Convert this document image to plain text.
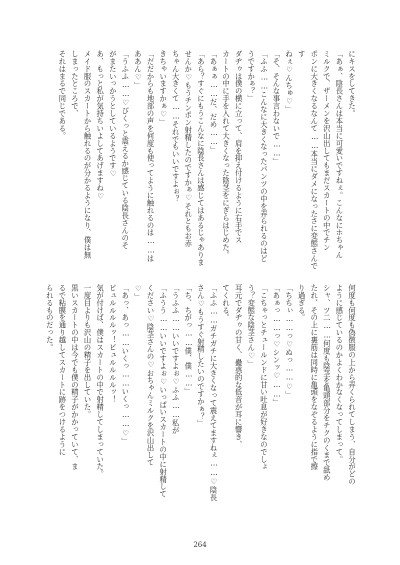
にキスをしてきた。

「あぁ、陰長さんは本当に可愛いですねぇ。こんなにホちゃん

ミルクで、ザーメンを沢山出してもまだスカートの中でチン

ポンに大きくなるなんて……本当にダメになったさに変態さんです

ねぇ♡んちゅ♡」

「そ、そんな事言わないで……」

「ふふ……こんなに大きくなったパンツの中を弄られるのはど

うですかぁ？」

ダヂゥは僕の横に立って、肩を抑え付けるように右手でス

カートの中に手を入れて大きくなった陰茎をにぎらはじめた。

「あぁぁ……だ、だめ……」

「あら？すぐにもうこんなに陰長さんは感じてはあるじゃありま

せんか♡もうチンポン射精したのですかぁ♡それともお赤

ちゃん大きくて……それでもいいですよぉ？

きちゃいますかぁ♡」

「だだからも地部の声を何度も使ってように触れるのは……は

ああん♡」

「うふふ……♡ぴくっと震えるか感じている陰長さんのそ

がまたいっかうとしているようです♡

あ、もっと私が気持ちいよしてあげますね♡

メイド服のスカートから触れるのが分かるようになり、僕は無

しまったところで、

それはまるで同じである。

何度も何度も偽徴服の上から弄くられてしまう、自分がどの

ように感じているのかよくわかなくなってしまって。

シャ、ツ二……何度も陰茎を亀頭部分をチクのくまで舐め

たれ、その上に裏筋は同時に亀頭をなぞるように指で擦

り過ぎる。

「ちちぃ……っ♡ぬっ……♡」

「あぁっ……っ♡シンッ♡……」

「こちゃっとチュールンドに甘い吐息が好きなのでしょ

う？変態な陰茎さん♡」

耳元でダヂゥの甘く、蠱惑的な低音が耳に響き、

てくれる。

「ふふ……ガチガチに大きくなって震えてますねぇ……♡陰長

さん♡もうすぐ射精したいのですかぁ？」

「ち、ちがっ……僕、僕……」

「うふふ……いいですよぉ♡ふふ……私が

「ふうう……いいですよぉ♡いっぱいスカートの中に射精して

ください♡陰茎さんの♡おちゃんミルクを沢山出して

♡」

「あっ、あっ……いくっ……いくっ……♡」

ビュルルルルッ！ビュルルルルッ！

気が付けば、僕はスカートの中で射精してしまっていた。

一度目よりも沢山の精子を出していた。

黒いスカートの中は今でも僕の精子がかかっていて、ま

るで粘膜を通り越してスカートに跡をつけるように

られるものだった。

264
